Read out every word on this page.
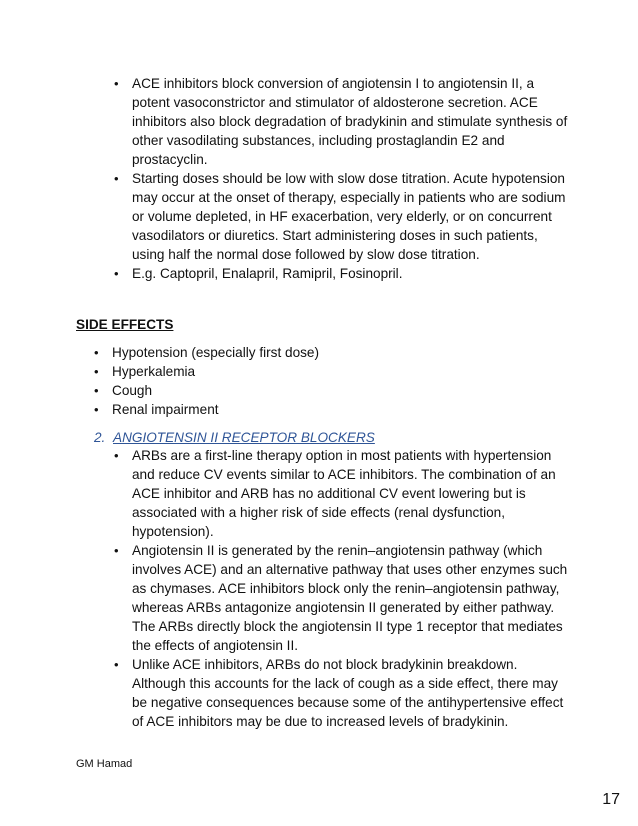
• ACE inhibitors block conversion of angiotensin I to angiotensin II, a potent vasoconstrictor and stimulator of aldosterone secretion. ACE inhibitors also block degradation of bradykinin and stimulate synthesis of other vasodilating substances, including prostaglandin E2 and prostacyclin.
• Starting doses should be low with slow dose titration. Acute hypotension may occur at the onset of therapy, especially in patients who are sodium or volume depleted, in HF exacerbation, very elderly, or on concurrent vasodilators or diuretics. Start administering doses in such patients, using half the normal dose followed by slow dose titration.
• E.g. Captopril, Enalapril, Ramipril, Fosinopril.
SIDE EFFECTS
• Hypotension (especially first dose)
• Hyperkalemia
• Cough
• Renal impairment
2. ANGIOTENSIN II RECEPTOR BLOCKERS
• ARBs are a first-line therapy option in most patients with hypertension and reduce CV events similar to ACE inhibitors. The combination of an ACE inhibitor and ARB has no additional CV event lowering but is associated with a higher risk of side effects (renal dysfunction, hypotension).
• Angiotensin II is generated by the renin–angiotensin pathway (which involves ACE) and an alternative pathway that uses other enzymes such as chymases. ACE inhibitors block only the renin–angiotensin pathway, whereas ARBs antagonize angiotensin II generated by either pathway. The ARBs directly block the angiotensin II type 1 receptor that mediates the effects of angiotensin II.
• Unlike ACE inhibitors, ARBs do not block bradykinin breakdown. Although this accounts for the lack of cough as a side effect, there may be negative consequences because some of the antihypertensive effect of ACE inhibitors may be due to increased levels of bradykinin.
GM Hamad
17
